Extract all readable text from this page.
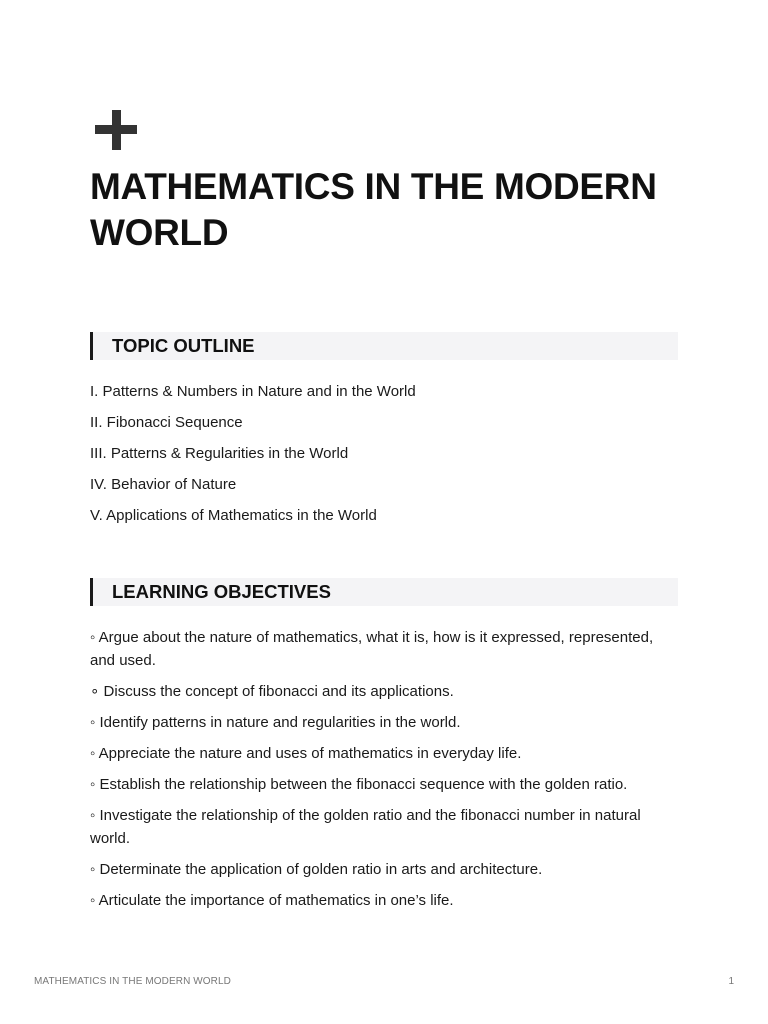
MATHEMATICS IN THE MODERN WORLD
TOPIC OUTLINE
I. Patterns & Numbers in Nature and in the World
II. Fibonacci Sequence
III. Patterns & Regularities in the World
IV. Behavior of Nature
V. Applications of Mathematics in the World
LEARNING OBJECTIVES
◦ Argue about the nature of mathematics, what it is, how is it expressed, represented, and used.
∘ Discuss the concept of fibonacci and its applications.
◦ Identify patterns in nature and regularities in the world.
◦ Appreciate the nature and uses of mathematics in everyday life.
◦ Establish the relationship between the fibonacci sequence with the golden ratio.
◦ Investigate the relationship of the golden ratio and the fibonacci number in natural world.
◦ Determinate the application of golden ratio in arts and architecture.
◦ Articulate the importance of mathematics in one’s life.
MATHEMATICS IN THE MODERN WORLD	1
